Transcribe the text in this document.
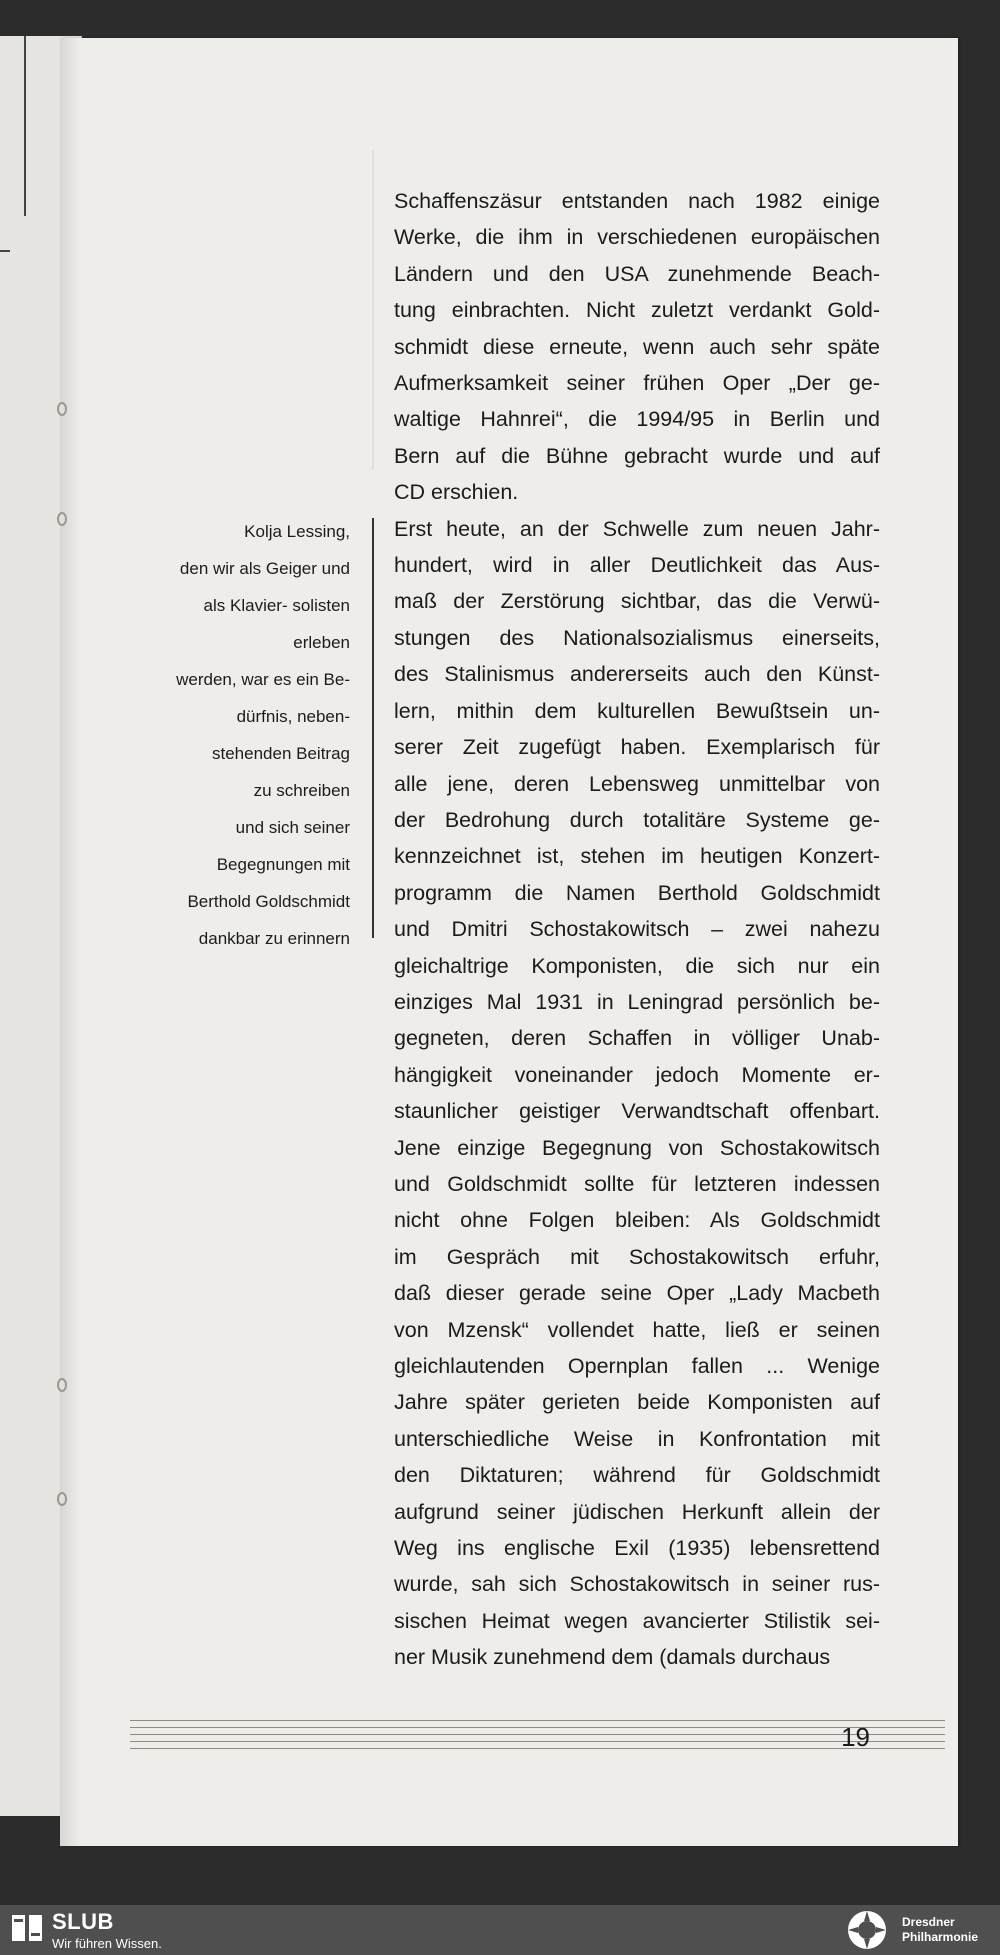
Kolja Lessing,
den wir als Geiger und
als Klavier- solisten
erleben
werden, war es ein Be-
dürfnis, neben-
stehenden Beitrag
zu schreiben
und sich seiner
Begegnungen mit
Berthold Goldschmidt
dankbar zu erinnern
Schaffenszäsur entstanden nach 1982 einige
Werke, die ihm in verschiedenen europäischen
Ländern und den USA zunehmende Beach-
tung einbrachten. Nicht zuletzt verdankt Gold-
schmidt diese erneute, wenn auch sehr späte
Aufmerksamkeit seiner frühen Oper „Der ge-
waltige Hahnrei“, die 1994/95 in Berlin und
Bern auf die Bühne gebracht wurde und auf
CD erschien.
Erst heute, an der Schwelle zum neuen Jahr-
hundert, wird in aller Deutlichkeit das Aus-
maß der Zerstörung sichtbar, das die Verwü-
stungen des Nationalsozialismus einerseits,
des Stalinismus andererseits auch den Künst-
lern, mithin dem kulturellen Bewußtsein un-
serer Zeit zugefügt haben. Exemplarisch für
alle jene, deren Lebensweg unmittelbar von
der Bedrohung durch totalitäre Systeme ge-
kennzeichnet ist, stehen im heutigen Konzert-
programm die Namen Berthold Goldschmidt
und Dmitri Schostakowitsch – zwei nahezu
gleichaltrige Komponisten, die sich nur ein
einziges Mal 1931 in Leningrad persönlich be-
gegneten, deren Schaffen in völliger Unab-
hängigkeit voneinander jedoch Momente er-
staunlicher geistiger Verwandtschaft offenbart.
Jene einzige Begegnung von Schostakowitsch
und Goldschmidt sollte für letzteren indessen
nicht ohne Folgen bleiben: Als Goldschmidt
im Gespräch mit Schostakowitsch erfuhr,
daß dieser gerade seine Oper „Lady Macbeth
von Mzensk“ vollendet hatte, ließ er seinen
gleichlautenden Opernplan fallen ... Wenige
Jahre später gerieten beide Komponisten auf
unterschiedliche Weise in Konfrontation mit
den Diktaturen; während für Goldschmidt
aufgrund seiner jüdischen Herkunft allein der
Weg ins englische Exil (1935) lebensrettend
wurde, sah sich Schostakowitsch in seiner rus-
sischen Heimat wegen avancierter Stilistik sei-
ner Musik zunehmend dem (damals durchaus
19
SLUB
Wir führen Wissen.
Dresdner
Philharmonie
